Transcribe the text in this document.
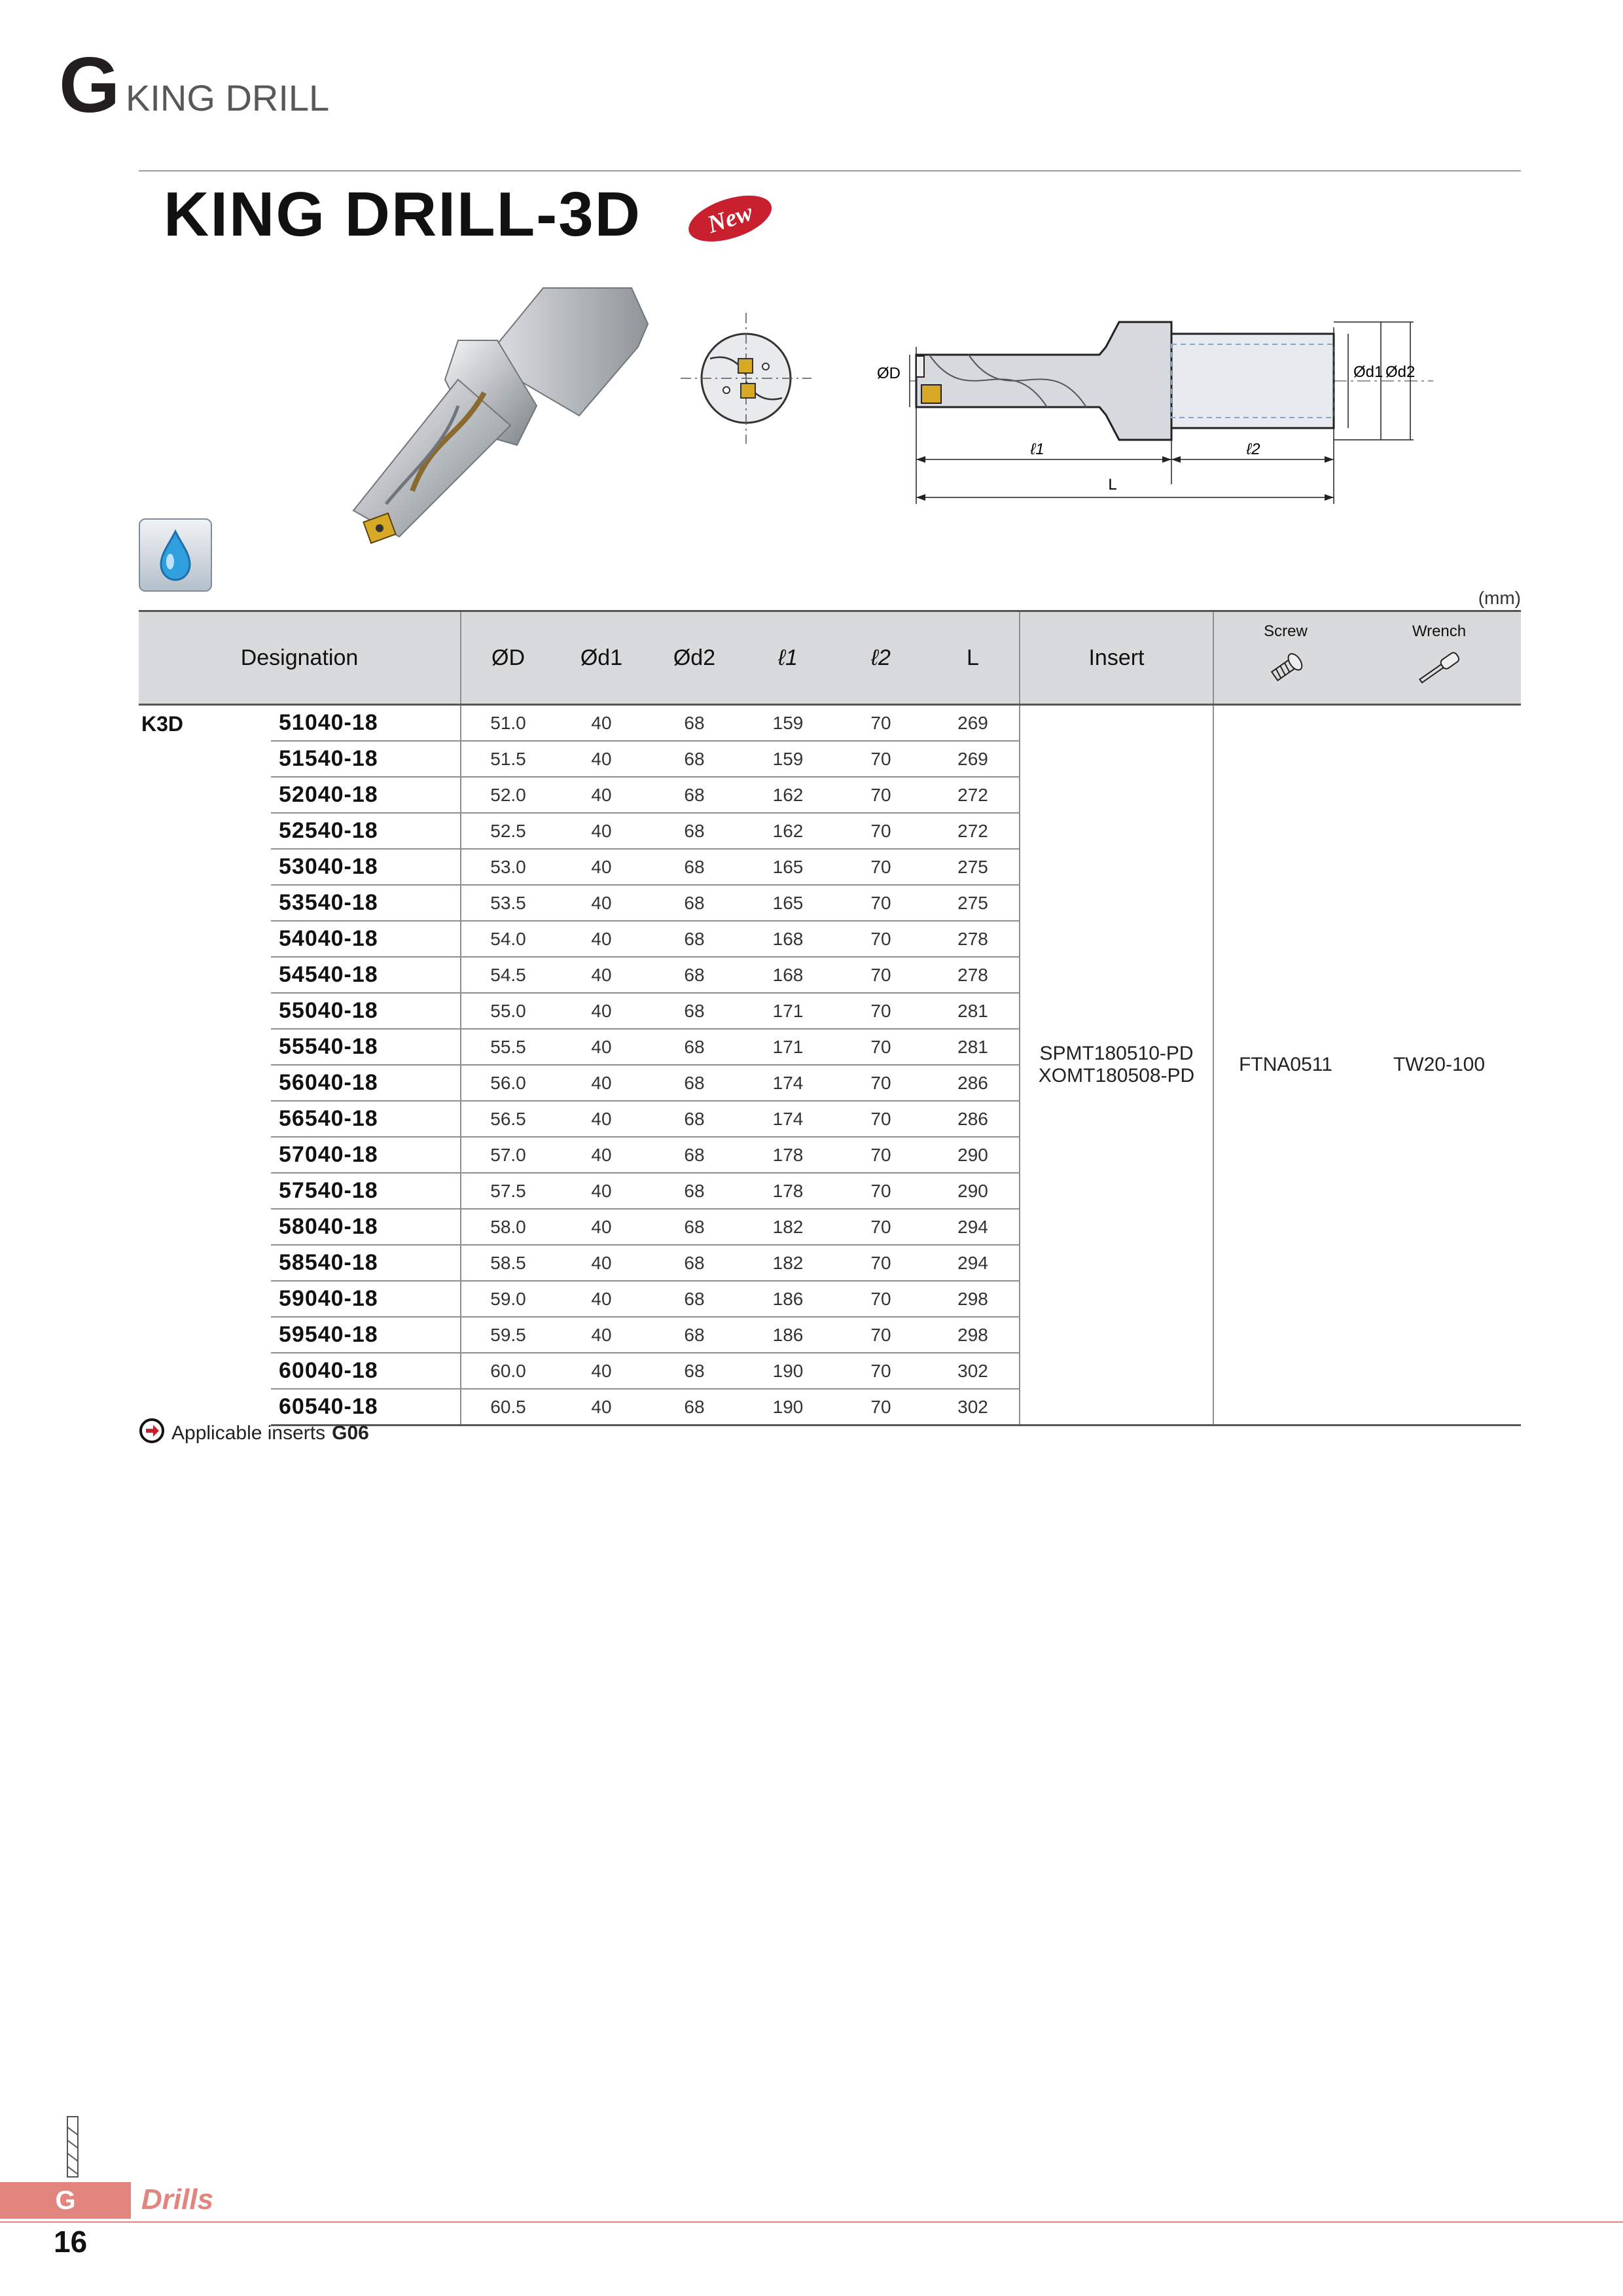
G KING DRILL
KING DRILL-3D	New
ØD	Ød1 Ød2
ℓ1	ℓ2
L
(mm)
Designation		ØD	Ød1	Ød2	ℓ1	ℓ2	L	Insert	Screw	Wrench

K3D	51040-18	51.0	40	68	159	70	269	SPMT180510-PD
XOMT180508-PD	FTNA0511	TW20-100
	51540-18	51.5	40	68	159	70	269			
	52040-18	52.0	40	68	162	70	272			
	52540-18	52.5	40	68	162	70	272			
	53040-18	53.0	40	68	165	70	275			
	53540-18	53.5	40	68	165	70	275			
	54040-18	54.0	40	68	168	70	278			
	54540-18	54.5	40	68	168	70	278			
	55040-18	55.0	40	68	171	70	281			
	55540-18	55.5	40	68	171	70	281			
	56040-18	56.0	40	68	174	70	286			
	56540-18	56.5	40	68	174	70	286			
	57040-18	57.0	40	68	178	70	290			
	57540-18	57.5	40	68	178	70	290			
	58040-18	58.0	40	68	182	70	294			
	58540-18	58.5	40	68	182	70	294			
	59040-18	59.0	40	68	186	70	298			
	59540-18	59.5	40	68	186	70	298			
	60040-18	60.0	40	68	190	70	302			
	60540-18	60.5	40	68	190	70	302			
Applicable inserts G06
G	Drills
16
